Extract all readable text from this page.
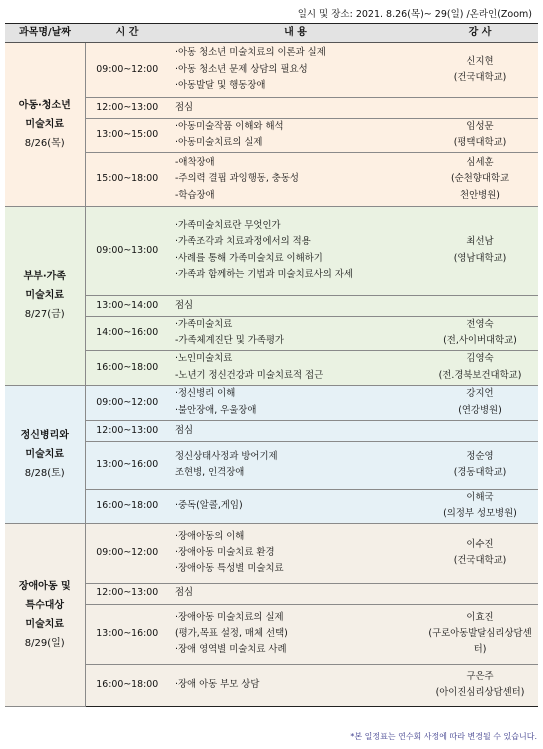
일시 및 장소: 2021. 8.26(목)~ 29(일) /온라인(Zoom)
과목명/날짜	시 간	내 용	강 사

아동·청소년
미술치료
8/26(목)	09:00~12:00	·아동 청소년 미술치료의 이론과 실제
·아동 청소년 문제 상담의 필요성
·아동발달 및 행동장애	신지현
(건국대학교)

	12:00~13:00	점심	

	13:00~15:00	·아동미술작품 이해와 해석
·아동미술치료의 실제	임성문
(평택대학교)

	15:00~18:00	-애착장애
-주의력 결핍 과잉행동, 충동성
-학습장애	심세훈
(순천향대학교
천안병원)

부부·가족
미술치료
8/27(금)	09:00~13:00	·가족미술치료란 무엇인가
·가족조각과 치료과정에서의 적용
·사례를 통해 가족미술치료 이해하기
·가족과 함께하는 기법과 미술치료사의 자세	최선남
(영남대학교)

	13:00~14:00	점심	

	14:00~16:00	·가족미술치료
-가족체계진단 및 가족평가	전영숙
(전,사이버대학교)

	16:00~18:00	·노인미술치료
-노년기 정신건강과 미술치료적 접근	김영숙
(전.경북보건대학교)

정신병리와
미술치료
8/28(토)	09:00~12:00	·정신병리 이해
·불안장애, 우울장애	강지언
(연강병원)

	12:00~13:00	점심	

	13:00~16:00	정신상태사정과 방어기제
조현병, 인격장애	정순영
(경동대학교)

	16:00~18:00	·중독(알콜,게임)	이해국
(의정부 성모병원)

장애아동 및
특수대상
미술치료
8/29(일)	09:00~12:00	·장애아동의 이해
·장애아동 미술치료 환경
·장애아동 특성별 미술치료	이수진
(건국대학교)

	12:00~13:00	점심	

	13:00~16:00	·장애아동 미술치료의 실제
(평가,목표 설정, 매체 선택)
·장애 영역별 미술치료 사례	이효진
(구로아동발달심리상담센
터)

	16:00~18:00	·장애 아동 부모 상담	구은주
(아이진심리상담센터)
*본 일정표는 연수회 사정에 따라 변경될 수 있습니다.
